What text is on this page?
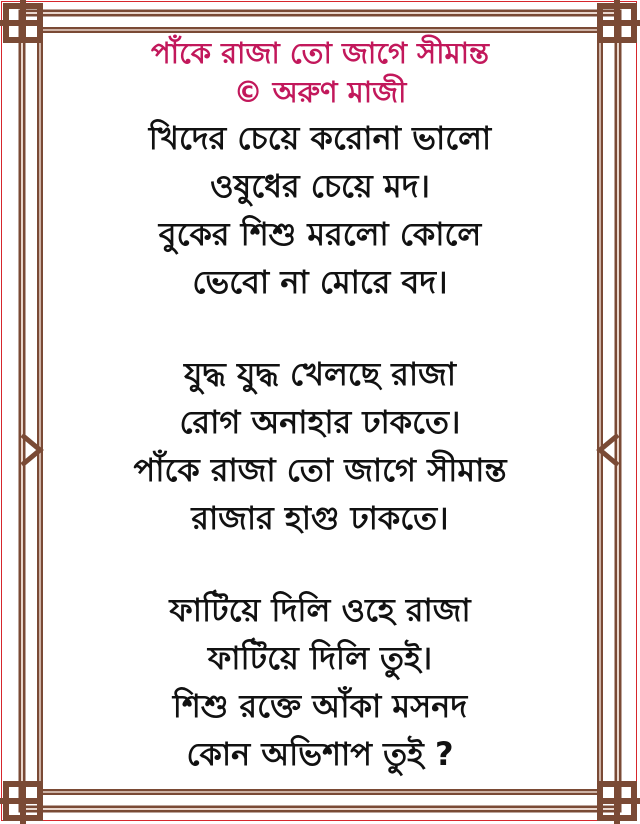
পাঁকে রাজা তো জাগে সীমান্ত
© অরুণ মাজী
খিদের চেয়ে করোনা ভালো
ওষুধের চেয়ে মদ।
বুকের শিশু মরলো কোলে
ভেবো না মোরে বদ।
যুদ্ধ যুদ্ধ খেলছে রাজা
রোগ অনাহার ঢাকতে।
পাঁকে রাজা তো জাগে সীমান্ত
রাজার হাগু ঢাকতে।
ফাটিয়ে দিলি ওহে রাজা
ফাটিয়ে দিলি তুই।
শিশু রক্তে আঁকা মসনদ
কোন অভিশাপ তুই ?
